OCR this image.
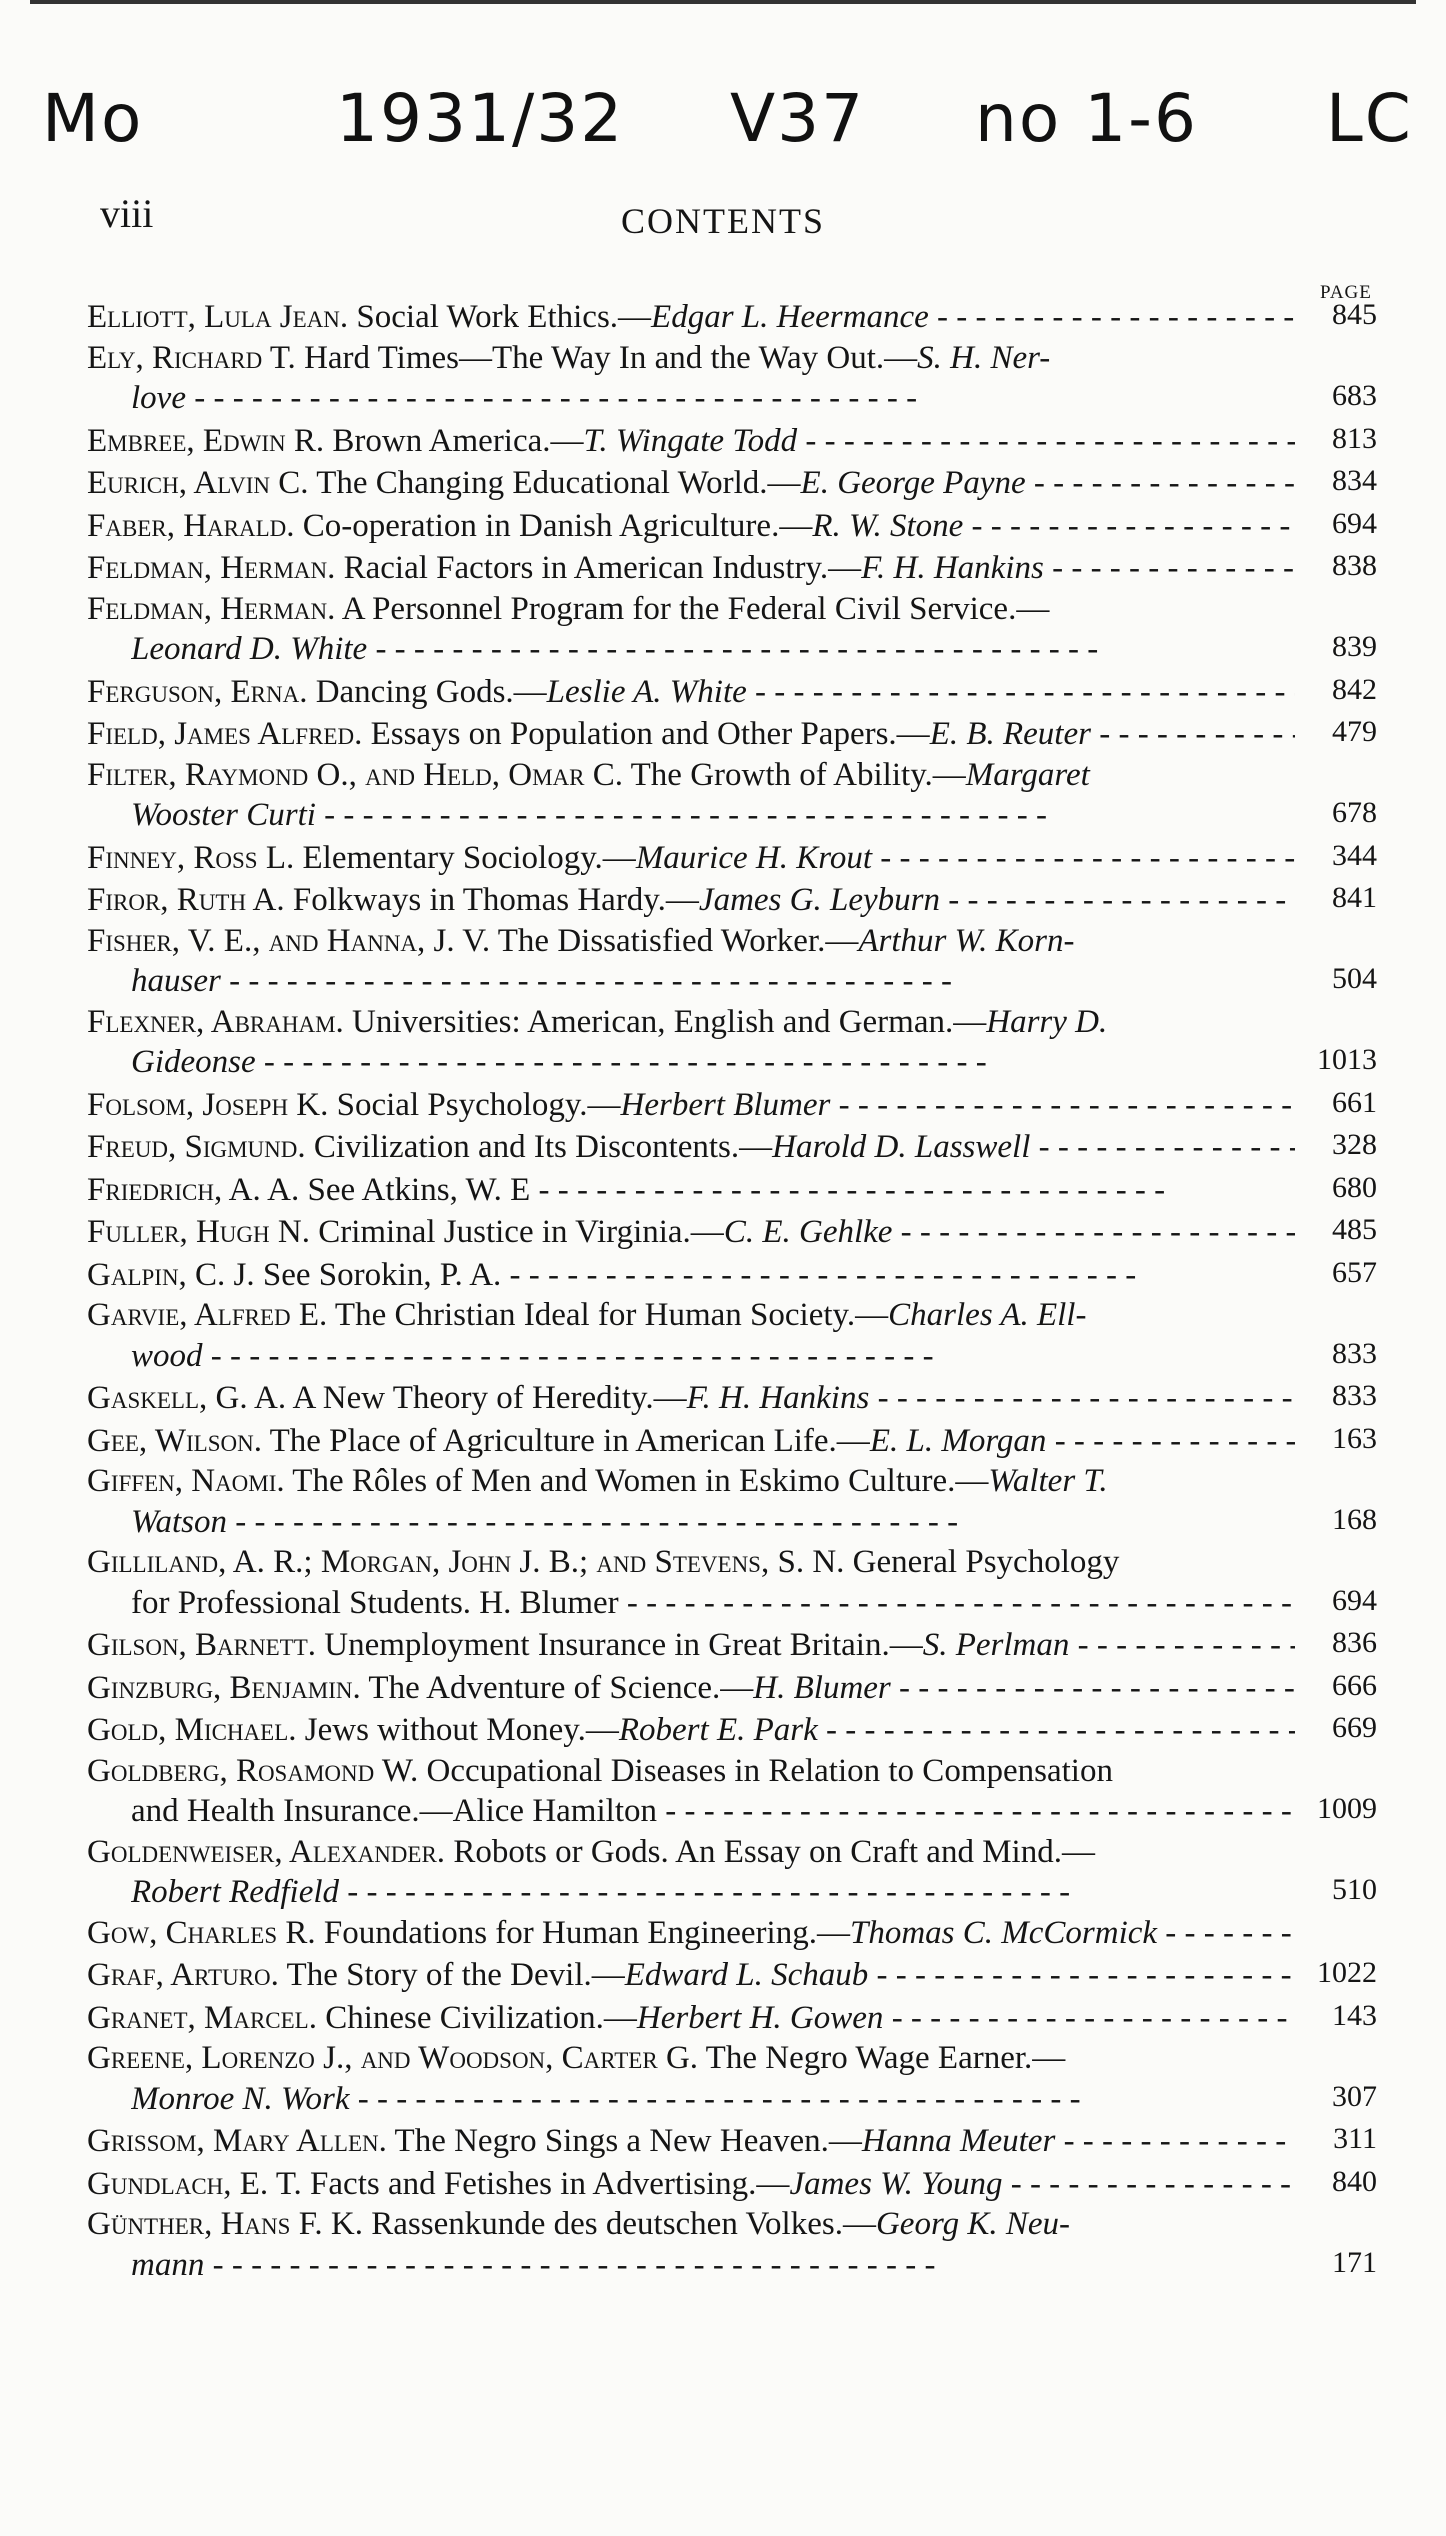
Mo	1931/32 V37 no 1-6 LC
viii	CONTENTS
PAGE
Elliott, Lula Jean. Social Work Ethics.—Edgar L. Heermance - -	845
Ely, Richard T. Hard Times—The Way In and the Way Out.—S. H. Ner-
love - -	683
Embree, Edwin R. Brown America.—T. Wingate Todd - -	813
Eurich, Alvin C. The Changing Educational World.—E. George Payne - -	834
Faber, Harald. Co-operation in Danish Agriculture.—R. W. Stone - -	694
Feldman, Herman. Racial Factors in American Industry.—F. H. Hankins - -	838
Feldman, Herman. A Personnel Program for the Federal Civil Service.—
Leonard D. White - -	839
Ferguson, Erna. Dancing Gods.—Leslie A. White - -	842
Field, James Alfred. Essays on Population and Other Papers.—E. B. Reuter - -	479
Filter, Raymond O., and Held, Omar C. The Growth of Ability.—Margaret
Wooster Curti - -	678
Finney, Ross L. Elementary Sociology.—Maurice H. Krout - -	344
Firor, Ruth A. Folkways in Thomas Hardy.—James G. Leyburn - -	841
Fisher, V. E., and Hanna, J. V. The Dissatisfied Worker.—Arthur W. Korn-
hauser - -	504
Flexner, Abraham. Universities: American, English and German.—Harry D.
Gideonse - -	1013
Folsom, Joseph K. Social Psychology.—Herbert Blumer - -	661
Freud, Sigmund. Civilization and Its Discontents.—Harold D. Lasswell - -	328
Friedrich, A. A. See Atkins, W. E - -	680
Fuller, Hugh N. Criminal Justice in Virginia.—C. E. Gehlke - -	485
Galpin, C. J. See Sorokin, P. A. - -	657
Garvie, Alfred E. The Christian Ideal for Human Society.—Charles A. Ell-
wood - -	833
Gaskell, G. A. A New Theory of Heredity.—F. H. Hankins - -	833
Gee, Wilson. The Place of Agriculture in American Life.—E. L. Morgan - -	163
Giffen, Naomi. The Rôles of Men and Women in Eskimo Culture.—Walter T.
Watson - -	168
Gilliland, A. R.; Morgan, John J. B.; and Stevens, S. N. General Psychology
for Professional Students. H. Blumer - -	694
Gilson, Barnett. Unemployment Insurance in Great Britain.—S. Perlman - -	836
Ginzburg, Benjamin. The Adventure of Science.—H. Blumer - -	666
Gold, Michael. Jews without Money.—Robert E. Park - -	669
Goldberg, Rosamond W. Occupational Diseases in Relation to Compensation
and Health Insurance.—Alice Hamilton - -	1009
Goldenweiser, Alexander. Robots or Gods. An Essay on Craft and Mind.—
Robert Redfield - -	510
Gow, Charles R. Foundations for Human Engineering.—Thomas C. McCormick - -
Graf, Arturo. The Story of the Devil.—Edward L. Schaub - -	1022
Granet, Marcel. Chinese Civilization.—Herbert H. Gowen - -	143
Greene, Lorenzo J., and Woodson, Carter G. The Negro Wage Earner.—
Monroe N. Work - -	307
Grissom, Mary Allen. The Negro Sings a New Heaven.—Hanna Meuter - -	311
Gundlach, E. T. Facts and Fetishes in Advertising.—James W. Young - -	840
Günther, Hans F. K. Rassenkunde des deutschen Volkes.—Georg K. Neu-
mann - -	171
